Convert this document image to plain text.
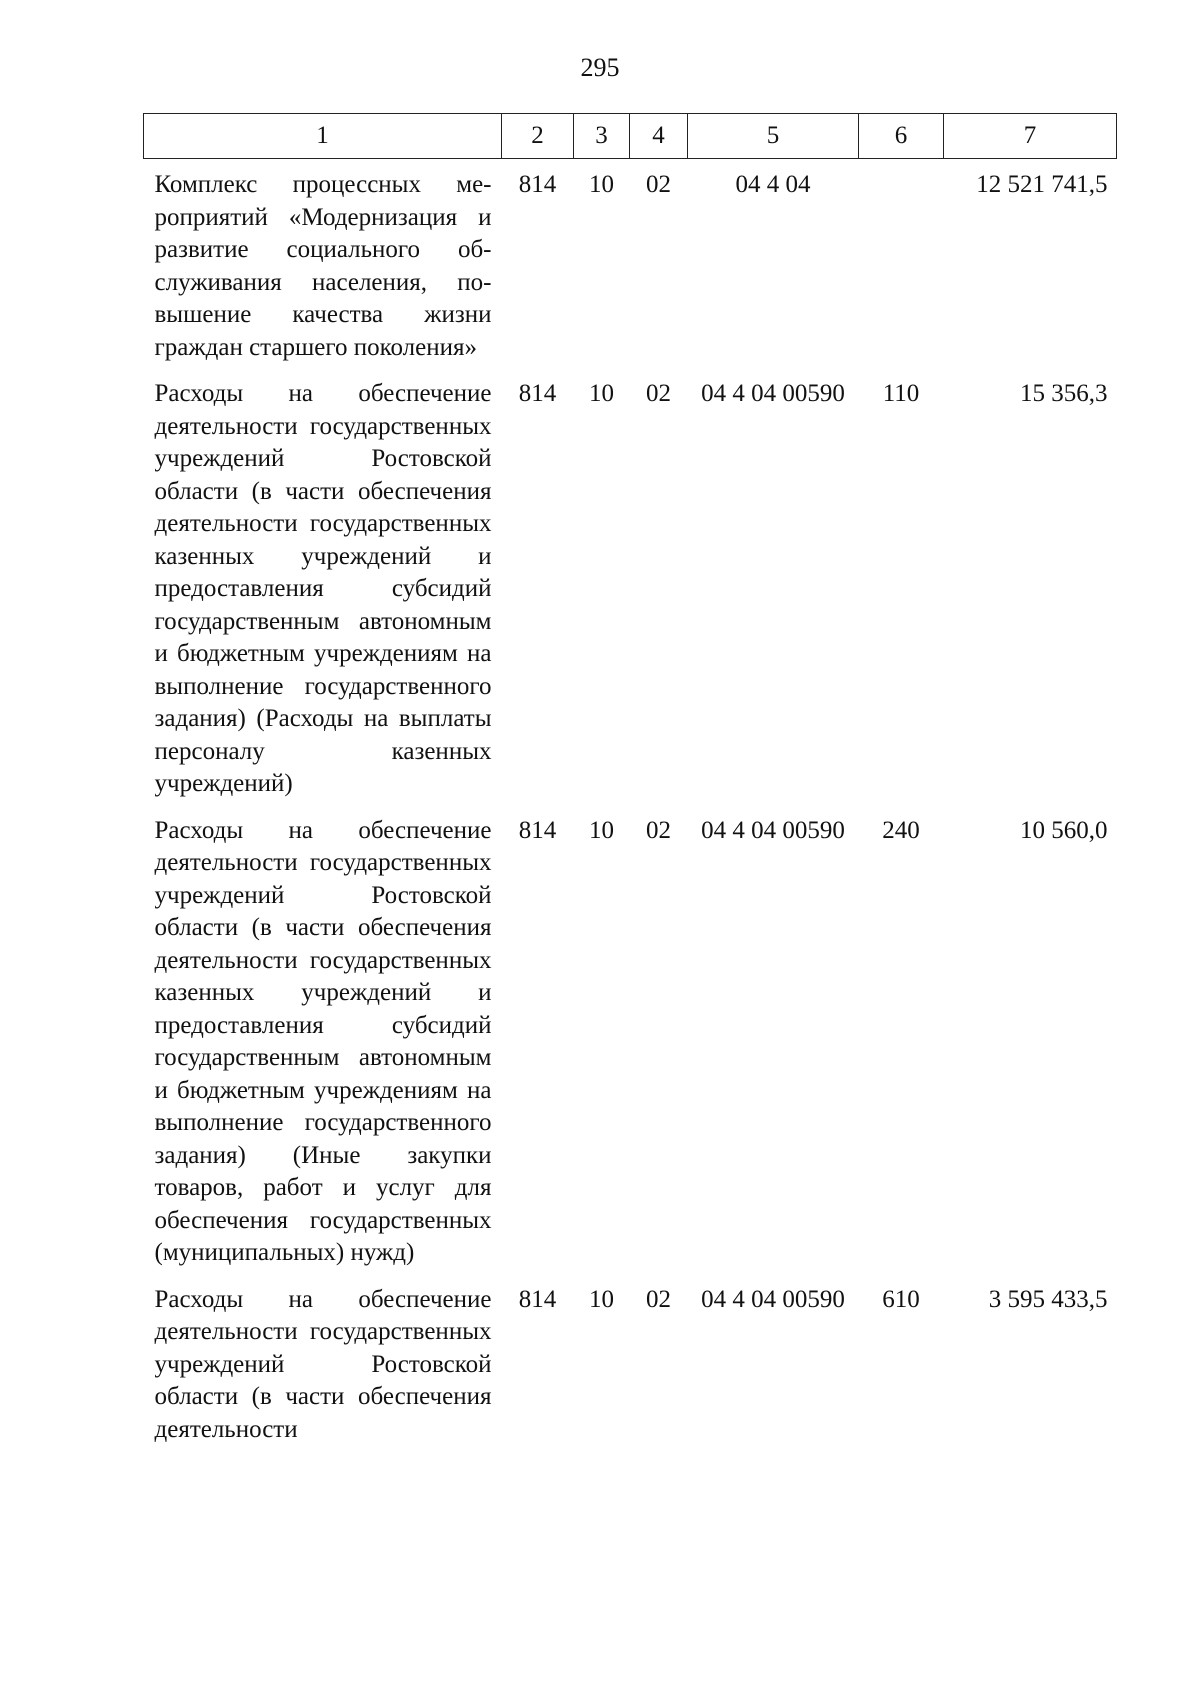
295
1	2	3	4	5	6	7
Комплекс процессных мероприятий «Модернизация и развитие социального обслуживания населения, повышение качества жизни граждан старшего поколения»	814	10	02	04 4 04		12 521 741,5
Расходы на обеспечение деятельности государственных учреждений Ростовской области (в части обеспечения деятельности государственных казенных учреждений и предоставления субсидий государственным автономным и бюджетным учреждениям на выполнение государственного задания) (Расходы на выплаты персоналу казенных учреждений)	814	10	02	04 4 04 00590	110	15 356,3
Расходы на обеспечение деятельности государственных учреждений Ростовской области (в части обеспечения деятельности государственных казенных учреждений и предоставления субсидий государственным автономным и бюджетным учреждениям на выполнение государственного задания) (Иные закупки товаров, работ и услуг для обеспечения государственных (муниципальных) нужд)	814	10	02	04 4 04 00590	240	10 560,0
Расходы на обеспечение деятельности государственных учреждений Ростовской области (в части обеспечения деятельности	814	10	02	04 4 04 00590	610	3 595 433,5
